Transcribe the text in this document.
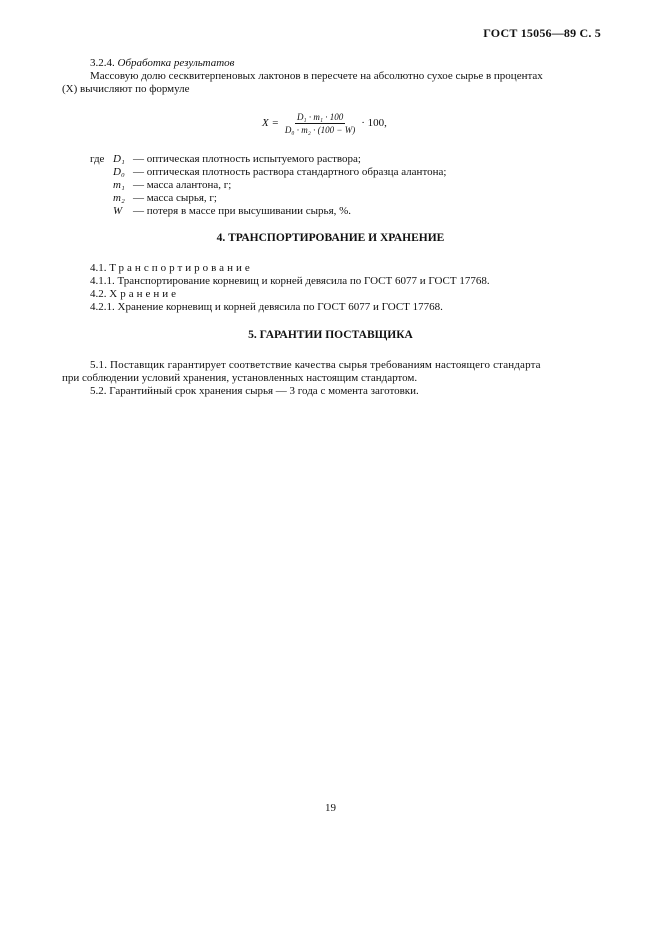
ГОСТ 15056—89 С. 5
3.2.4. Обработка результатов
Массовую долю сесквитерпеновых лактонов в пересчете на абсолютно сухое сырье в процентах
(X) вычисляют по формуле
$X = \frac{\text{D₁ · m₁ · 100}}{\text{D₀ · m₂ · (100 − W)}} \cdot 100$,
где D₁ — оптическая плотность испытуемого раствора;
D₀ — оптическая плотность раствора стандартного образца алантона;
m₁ — масса алантона, г;
m₂ — масса сырья, г;
W — потеря в массе при высушивании сырья, %.
4. ТРАНСПОРТИРОВАНИЕ И ХРАНЕНИЕ
4.1. Транспортирование
4.1.1. Транспортирование корневищ и корней девясила по ГОСТ 6077 и ГОСТ 17768.
4.2. Хранение
4.2.1. Хранение корневищ и корней девясила по ГОСТ 6077 и ГОСТ 17768.
5. ГАРАНТИИ ПОСТАВЩИКА
5.1. Поставщик гарантирует соответствие качества сырья требованиям настоящего стандарта
при соблюдении условий хранения, установленных настоящим стандартом.
5.2. Гарантийный срок хранения сырья — 3 года с момента заготовки.
19
